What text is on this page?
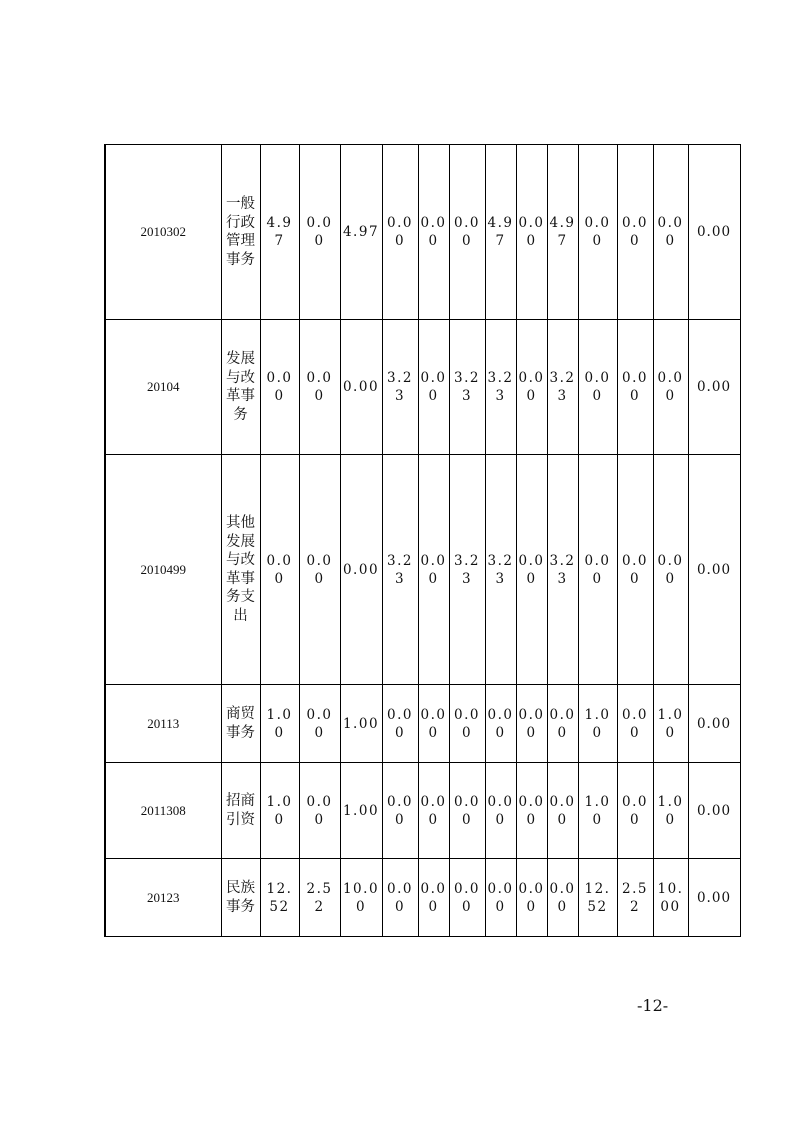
2010302	一般行政管理事务	4.97	0.00	4.97	0.00	0.00	0.00	4.97	0.00	4.97	0.00	0.00	0.00	0.00
20104	发展与改革事务	0.00	0.00	0.00	3.23	0.00	3.23	3.23	0.00	3.23	0.00	0.00	0.00	0.00
2010499	其他发展与改革事务支出	0.00	0.00	0.00	3.23	0.00	3.23	3.23	0.00	3.23	0.00	0.00	0.00	0.00
20113	商贸事务	1.00	0.00	1.00	0.00	0.00	0.00	0.00	0.00	0.00	1.00	0.00	1.00	0.00
2011308	招商引资	1.00	0.00	1.00	0.00	0.00	0.00	0.00	0.00	0.00	1.00	0.00	1.00	0.00
20123	民族事务	12.52	2.52	10.00	0.00	0.00	0.00	0.00	0.00	0.00	12.52	2.52	10.00	0.00
-12-
